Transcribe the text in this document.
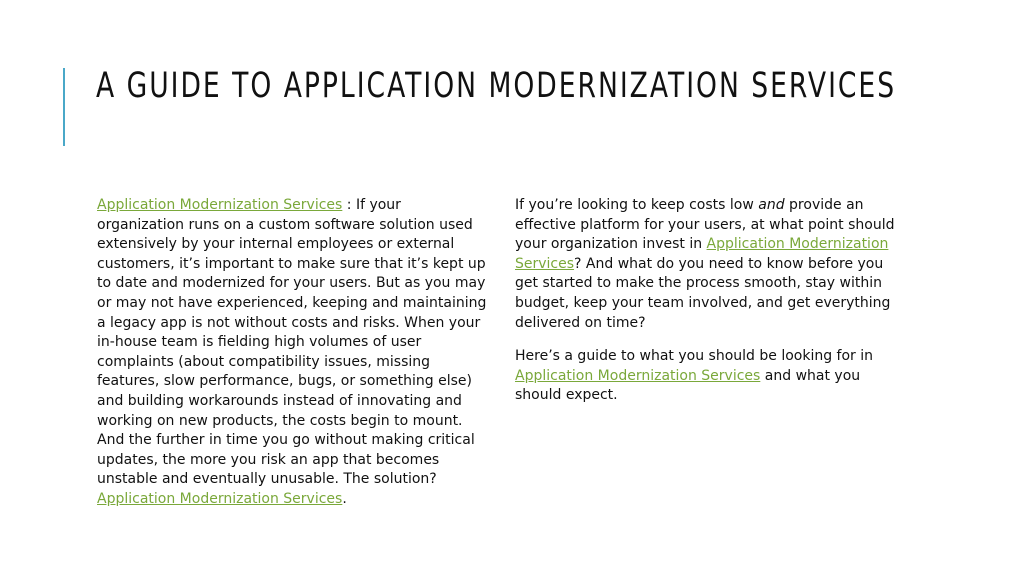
A GUIDE TO APPLICATION MODERNIZATION SERVICES

Application Modernization Services : If your organization runs on a custom software solution used extensively by your internal employees or external customers, it’s important to make sure that it’s kept up to date and modernized for your users. But as you may or may not have experienced, keeping and maintaining a legacy app is not without costs and risks. When your in-house team is fielding high volumes of user complaints (about compatibility issues, missing features, slow performance, bugs, or something else) and building workarounds instead of innovating and working on new products, the costs begin to mount. And the further in time you go without making critical updates, the more you risk an app that becomes unstable and eventually unusable. The solution? Application Modernization Services.

If you’re looking to keep costs low and provide an effective platform for your users, at what point should your organization invest in Application Modernization Services? And what do you need to know before you get started to make the process smooth, stay within budget, keep your team involved, and get everything delivered on time?

Here’s a guide to what you should be looking for in Application Modernization Services and what you should expect.
